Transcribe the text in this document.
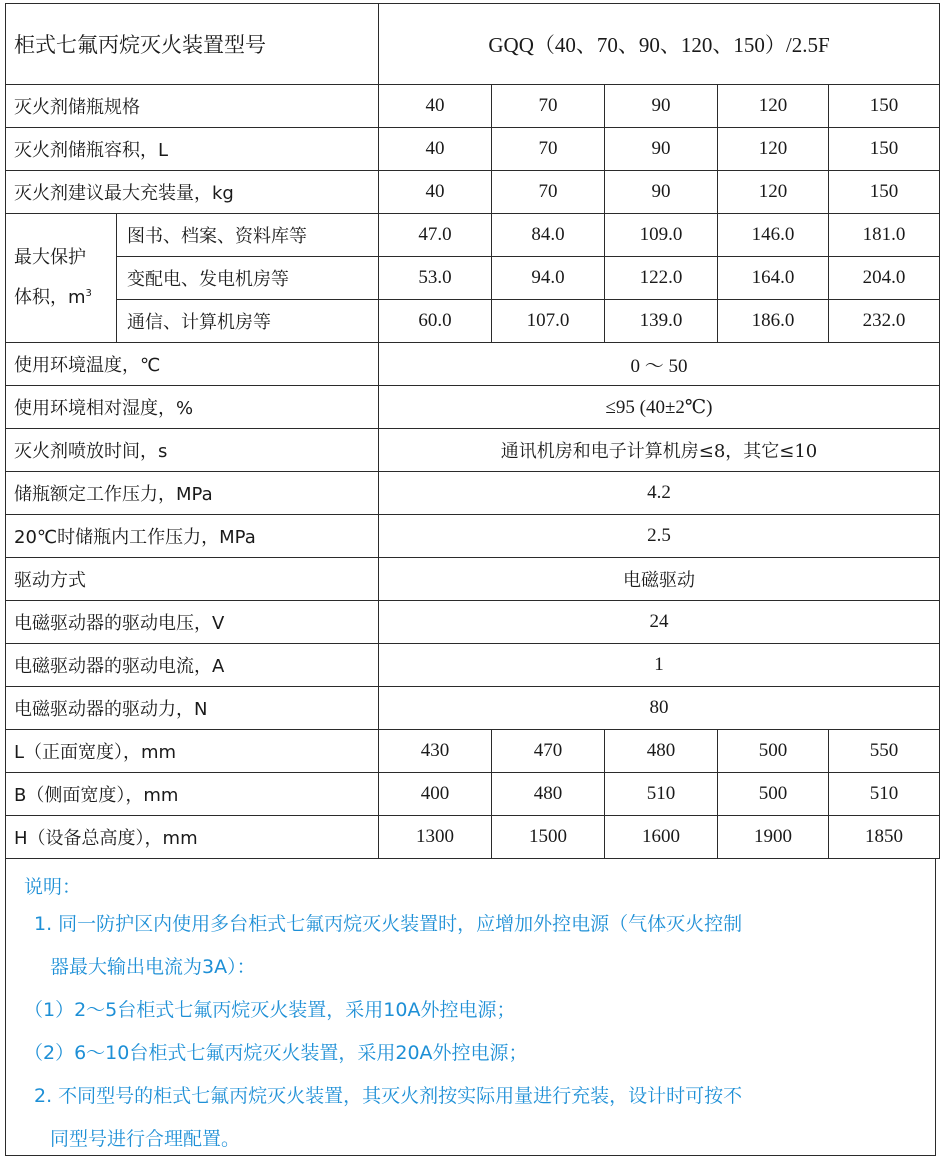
柜式七氟丙烷灭火装置型号		GQQ（40、70、90、120、150）/2.5F				
灭火剂储瓶规格		40	70	90	120	150
灭火剂储瓶容积，L		40	70	90	120	150
灭火剂建议最大充装量，kg		40	70	90	120	150
最大保护
体积，$m^3$	图书、档案、资料库等	47.0	84.0	109.0	146.0	181.0
	变配电、发电机房等	53.0	94.0	122.0	164.0	204.0
	通信、计算机房等	60.0	107.0	139.0	186.0	232.0
使用环境温度，℃		0 ～ 50				
使用环境相对湿度，%		≤95 (40±2℃)				
灭火剂喷放时间，s		通讯机房和电子计算机房≤8，其它≤10				
储瓶额定工作压力，MPa		4.2				
20℃时储瓶内工作压力，MPa		2.5				
驱动方式		电磁驱动				
电磁驱动器的驱动电压，V		24				
电磁驱动器的驱动电流，A		1				
电磁驱动器的驱动力，N		80				
L（正面宽度），mm		430	470	480	500	550
B（侧面宽度），mm		400	480	510	500	510
H（设备总高度），mm		1300	1500	1600	1900	1850
说明：
1. 同一防护区内使用多台柜式七氟丙烷灭火装置时，应增加外控电源（气体灭火控制
器最大输出电流为3A）：
（1）2～5台柜式七氟丙烷灭火装置，采用10A外控电源；
（2）6～10台柜式七氟丙烷灭火装置，采用20A外控电源；
2. 不同型号的柜式七氟丙烷灭火装置，其灭火剂按实际用量进行充装，设计时可按不
同型号进行合理配置。
